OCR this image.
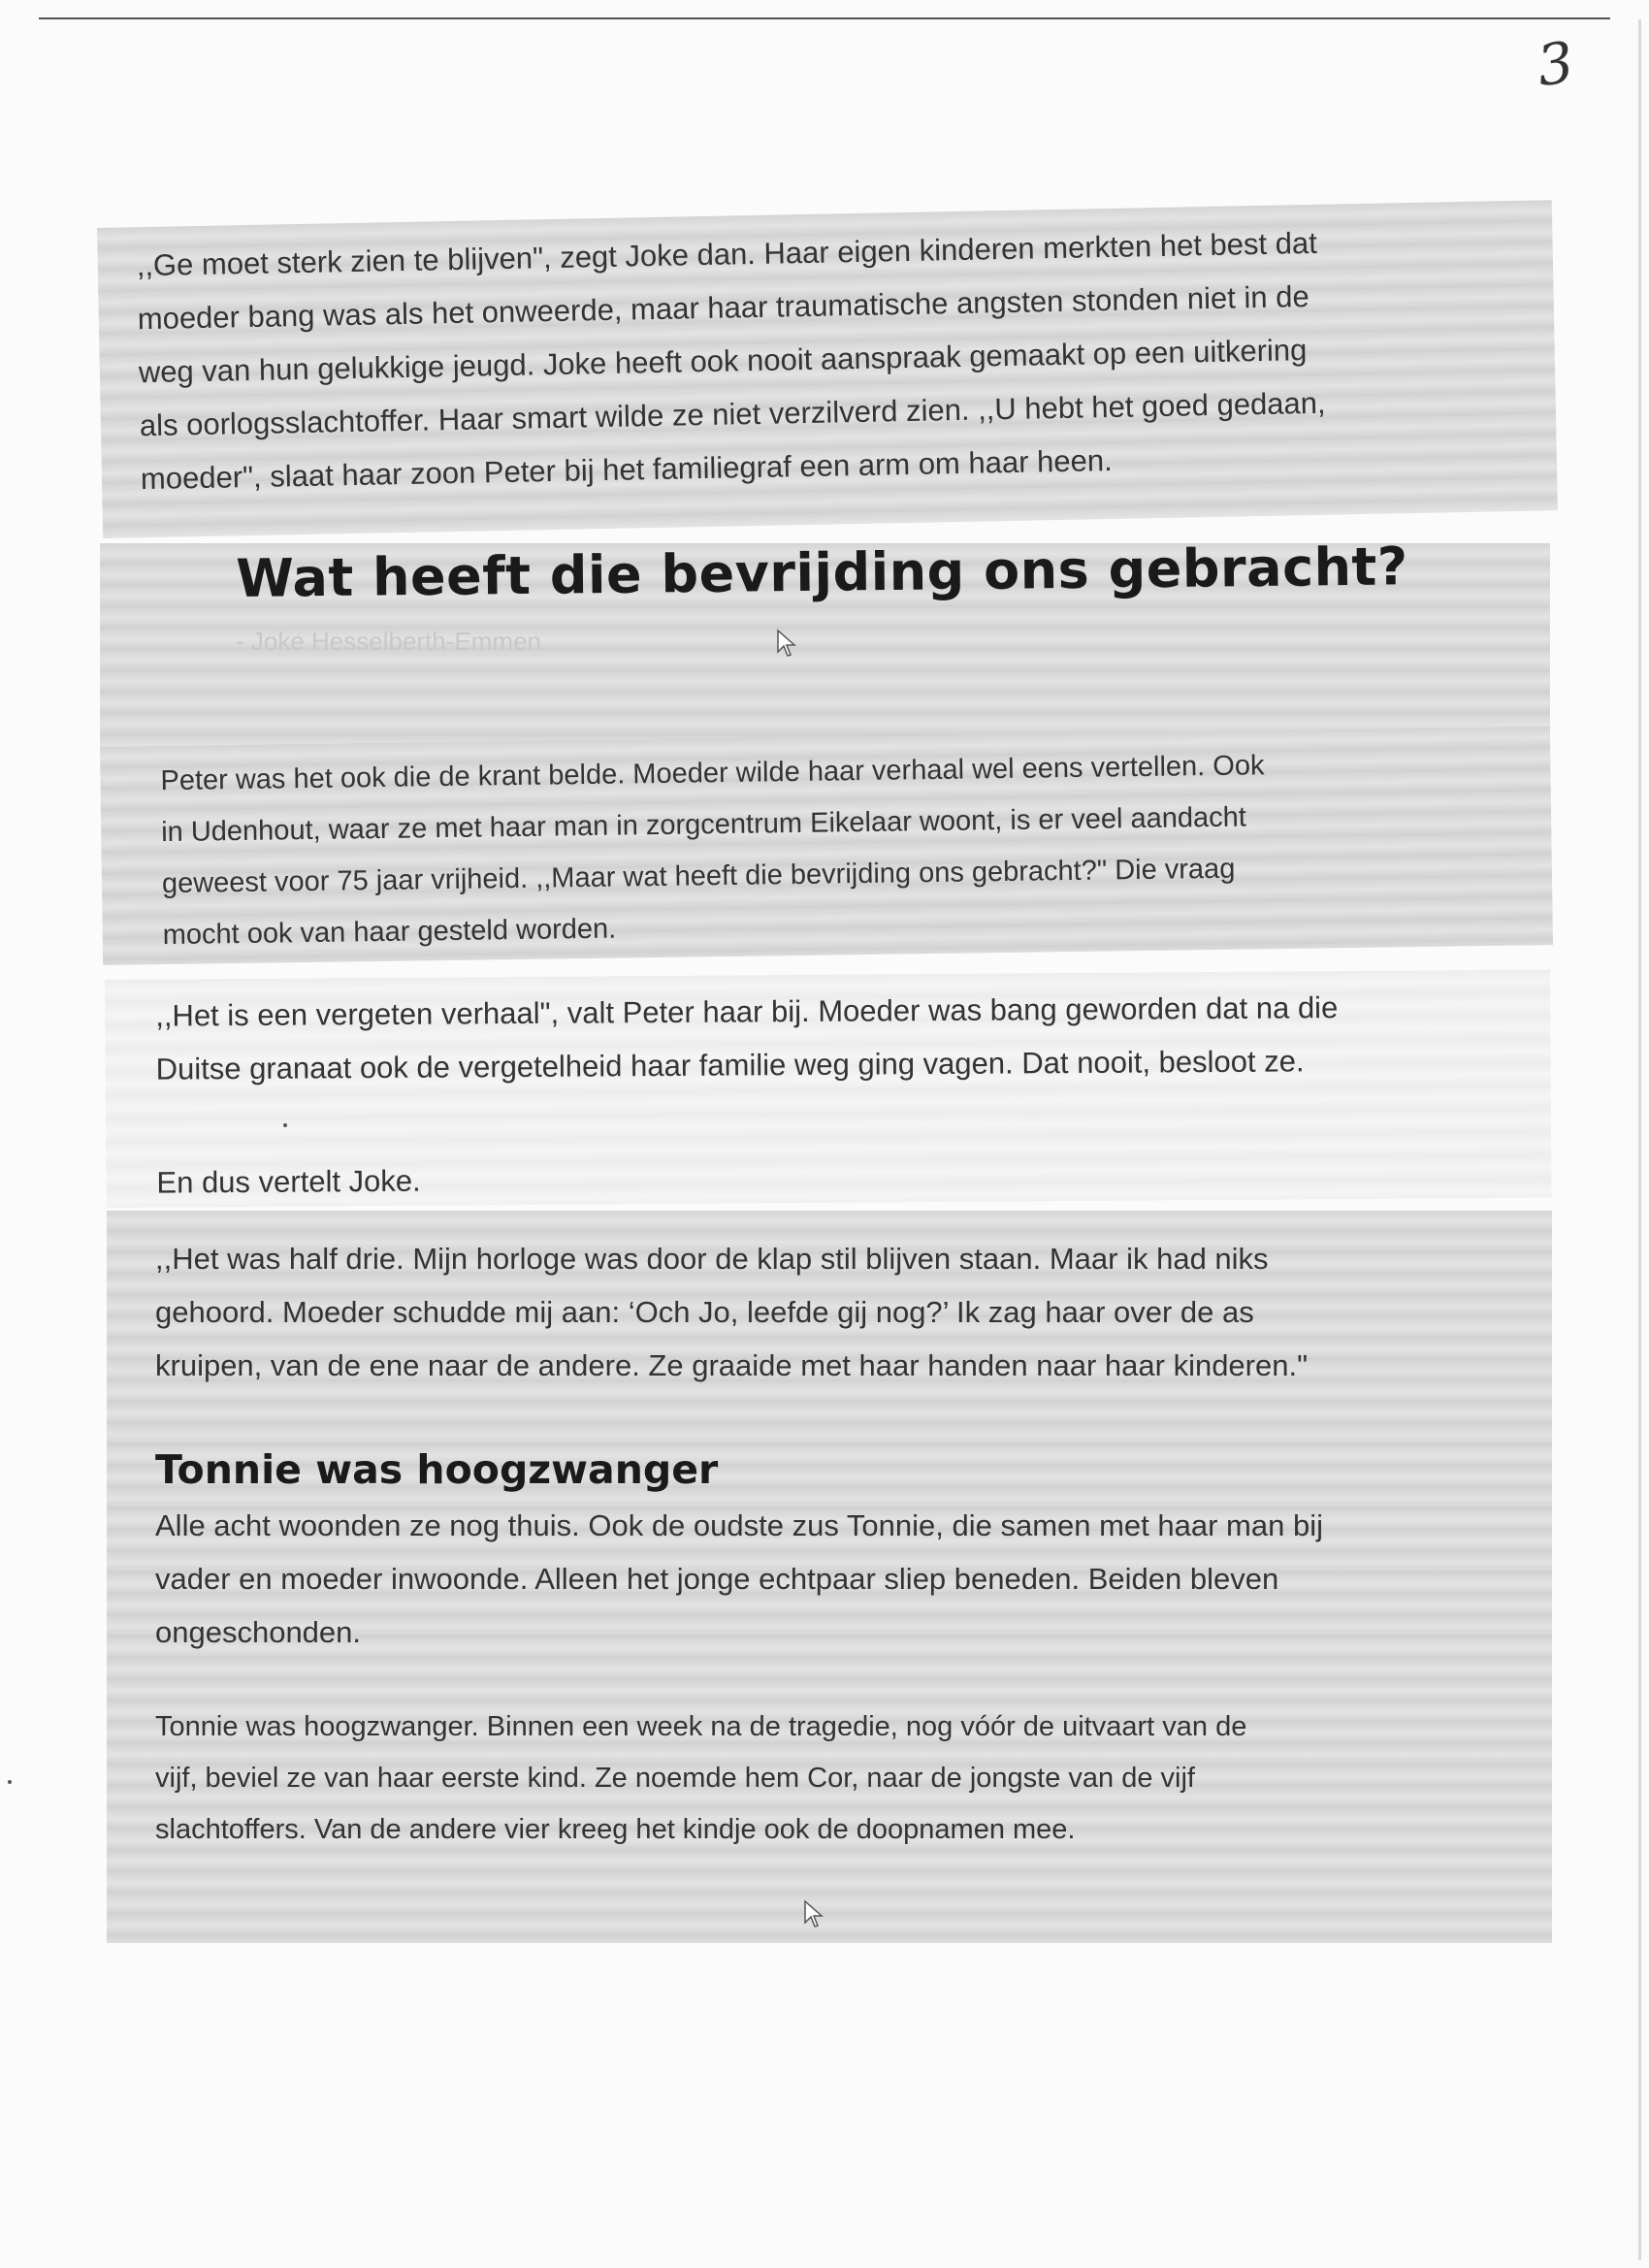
3

,,Ge moet sterk zien te blijven", zegt Joke dan. Haar eigen kinderen merkten het best dat
moeder bang was als het onweerde, maar haar traumatische angsten stonden niet in de
weg van hun gelukkige jeugd. Joke heeft ook nooit aanspraak gemaakt op een uitkering
als oorlogsslachtoffer. Haar smart wilde ze niet verzilverd zien. ,,U hebt het goed gedaan,
moeder", slaat haar zoon Peter bij het familiegraf een arm om haar heen.

Wat heeft die bevrijding ons gebracht?
- Joke Hesselberth-Emmen

Peter was het ook die de krant belde. Moeder wilde haar verhaal wel eens vertellen. Ook
in Udenhout, waar ze met haar man in zorgcentrum Eikelaar woont, is er veel aandacht
geweest voor 75 jaar vrijheid. ,,Maar wat heeft die bevrijding ons gebracht?" Die vraag
mocht ook van haar gesteld worden.

,,Het is een vergeten verhaal", valt Peter haar bij. Moeder was bang geworden dat na die
Duitse granaat ook de vergetelheid haar familie weg ging vagen. Dat nooit, besloot ze.

En dus vertelt Joke.

,,Het was half drie. Mijn horloge was door de klap stil blijven staan. Maar ik had niks
gehoord. Moeder schudde mij aan: ‘Och Jo, leefde gij nog?’ Ik zag haar over de as
kruipen, van de ene naar de andere. Ze graaide met haar handen naar haar kinderen."

Tonnie was hoogzwanger

Alle acht woonden ze nog thuis. Ook de oudste zus Tonnie, die samen met haar man bij
vader en moeder inwoonde. Alleen het jonge echtpaar sliep beneden. Beiden bleven
ongeschonden.

Tonnie was hoogzwanger. Binnen een week na de tragedie, nog vóór de uitvaart van de
vijf, beviel ze van haar eerste kind. Ze noemde hem Cor, naar de jongste van de vijf
slachtoffers. Van de andere vier kreeg het kindje ook de doopnamen mee.
